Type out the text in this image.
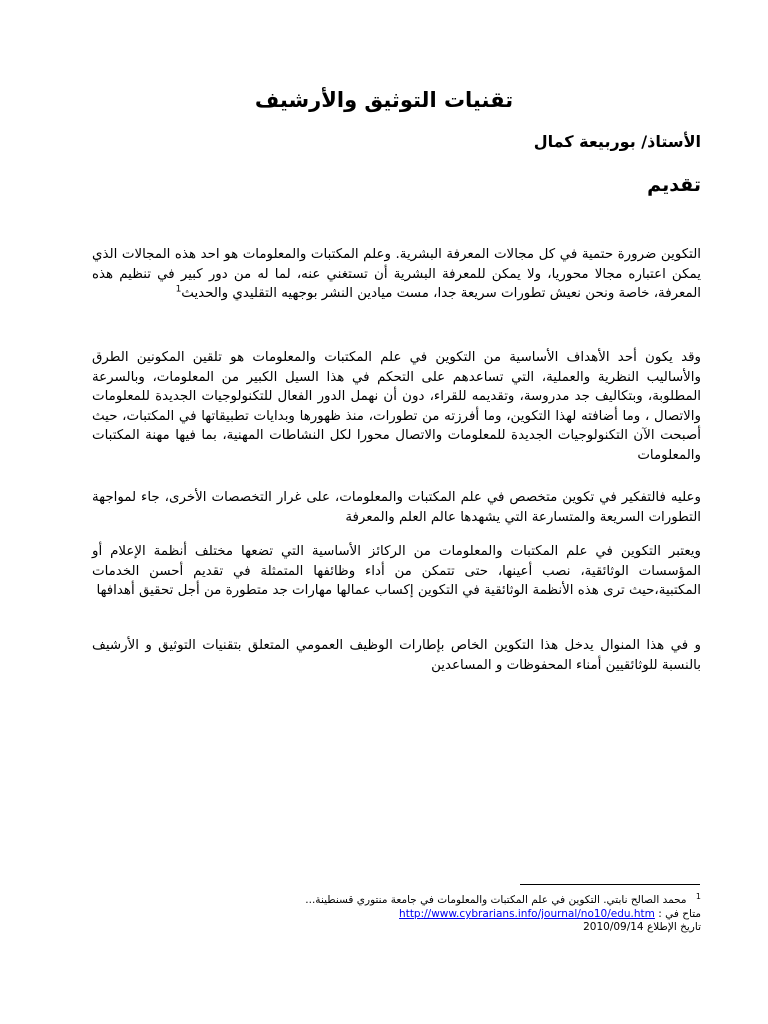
تقنيات التوثيق والأرشيف
الأستاذ/ بوربيعة كمال
تقديم
التكوين ضرورة حتمية في كل مجالات المعرفة البشرية. وعلم المكتبات والمعلومات هو احد هذه المجالات الذي يمكن اعتباره مجالا محوريا، ولا يمكن للمعرفة البشرية أن تستغني عنه، لما له من دور كبير في تنظيم هذه المعرفة، خاصة ونحن نعيش تطورات سريعة جدا، مست ميادين النشر بوجهيه التقليدي والحديث$^1$
وقد يكون أحد الأهداف الأساسية من التكوين في علم المكتبات والمعلومات هو تلقين المكونين الطرق والأساليب النظرية والعملية، التي تساعدهم على التحكم في هذا السيل الكبير من المعلومات، وبالسرعة المطلوبة، وبتكاليف جد مدروسة، وتقديمه للقراء، دون أن نهمل الدور الفعال للتكنولوجيات الجديدة للمعلومات والاتصال ، وما أضافته لهذا التكوين، وما أفرزته من تطورات، منذ ظهورها وبدايات تطبيقاتها في المكتبات، حيث أصبحت الآن التكنولوجيات الجديدة للمعلومات والاتصال محورا لكل النشاطات المهنية، بما فيها مهنة المكتبات والمعلومات
وعليه فالتفكير في تكوين متخصص في علم المكتبات والمعلومات، على غرار التخصصات الأخرى، جاء لمواجهة التطورات السريعة والمتسارعة التي يشهدها عالم العلم والمعرفة
ويعتبر التكوين في علم المكتبات والمعلومات من الركائز الأساسية التي تضعها مختلف أنظمة الإعلام أو المؤسسات الوثائقية، نصب أعينها، حتى تتمكن من أداء وظائفها المتمثلة في تقديم أحسن الخدمات المكتبية،حيث ترى هذه الأنظمة الوثائقية في التكوين إكساب عمالها مهارات جد متطورة من أجل تحقيق أهدافها
و في هذا المنوال يدخل هذا التكوين الخاص بإطارات الوظيف العمومي المتعلق بتقنيات التوثيق و الأرشيف بالنسبة للوثائقيين أمناء المحفوظات و المساعدين
$^1$ محمد الصالح نابتي. التكوين في علم المكتبات والمعلومات في جامعة منتوري قسنطينة...
متاح في : http://www.cybrarians.info/journal/no10/edu.htm
تاريخ الإطلاع 2010/09/14
